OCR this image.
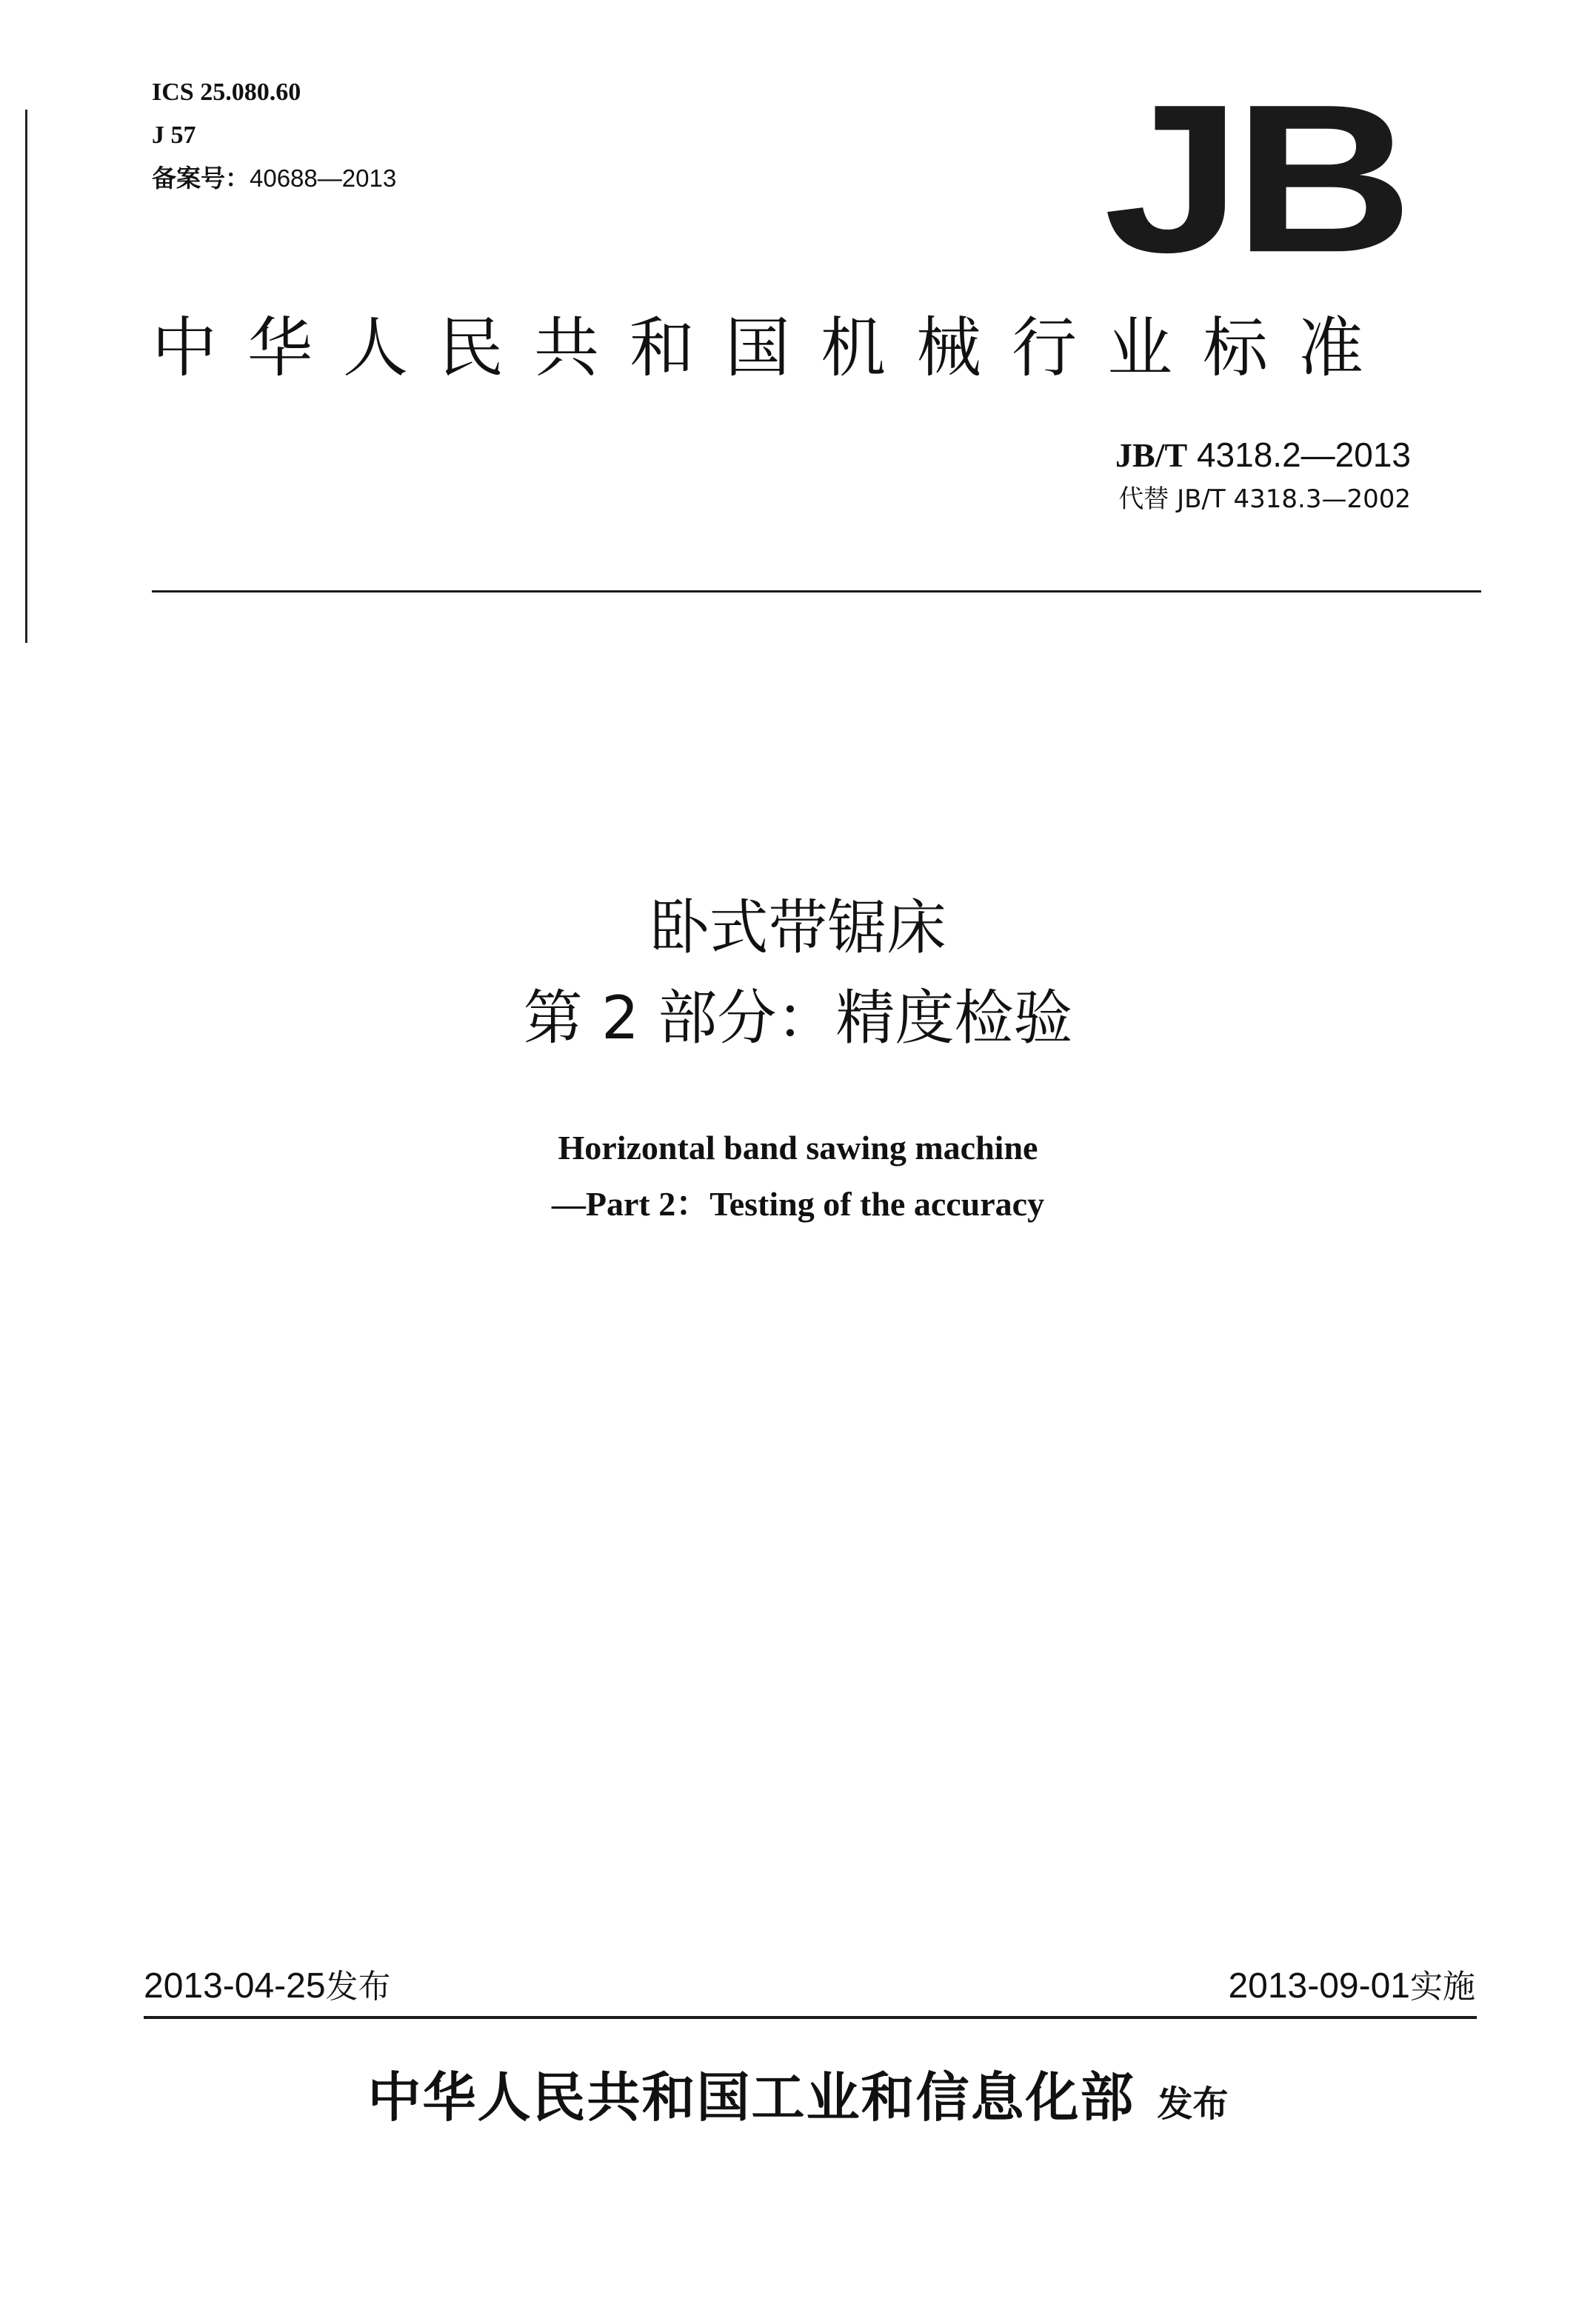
ICS 25.080.60
J 57
备案号：40688—2013	JB
中华人民共和国机械行业标准
JB/T 4318.2—2013
代替 JB/T 4318.3—2002
卧式带锯床
第 2 部分：精度检验
Horizontal band sawing machine
—Part 2：Testing of the accuracy
2013-04-25发布	2013-09-01实施
中华人民共和国工业和信息化部 发布
